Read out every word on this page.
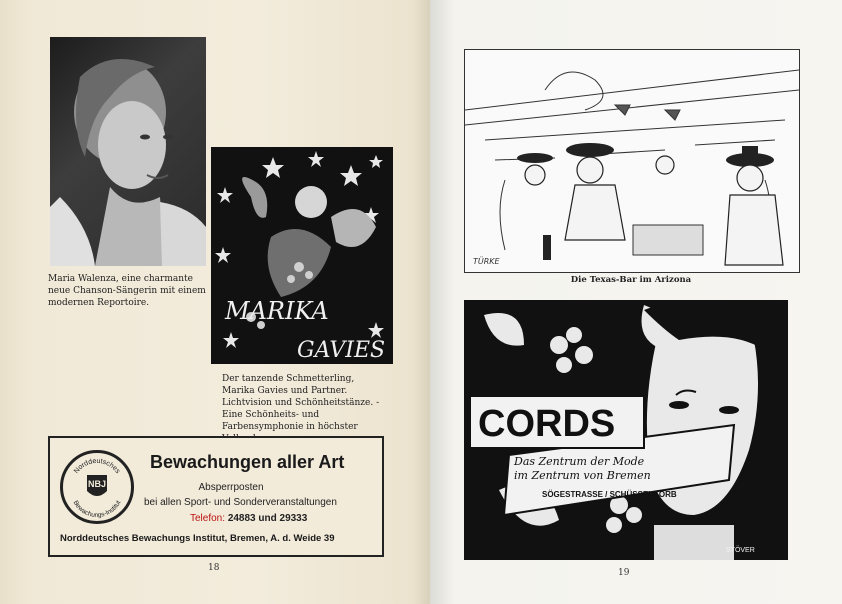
Maria Walenza, eine charmante neue Chanson-Sängerin mit einem modernen Reportoire.	MARIKA
GAVIES
Der tanzende Schmetterling, Marika Gavies und Partner. Lichtvision und Schönheitstänze. - Eine Schönheits- und Farbensymphonie in höchster
Norddeutsches
Bewachungs-Institut
NBJ
Bewachungen aller Art
Absperrposten
bei allen Sport- und Sonderveranstaltungen
Telefon: 24883 und 29333
Norddeutsches Bewachungs Institut, Bremen, A. d. Weide 39
18
TÜRKE
Die Texas-Bar im Arizona
CORDS
Das Zentrum der Mode
im Zentrum von Bremen
SÖGESTRASSE / SCHÜSSELKORB
STÖVER
19
